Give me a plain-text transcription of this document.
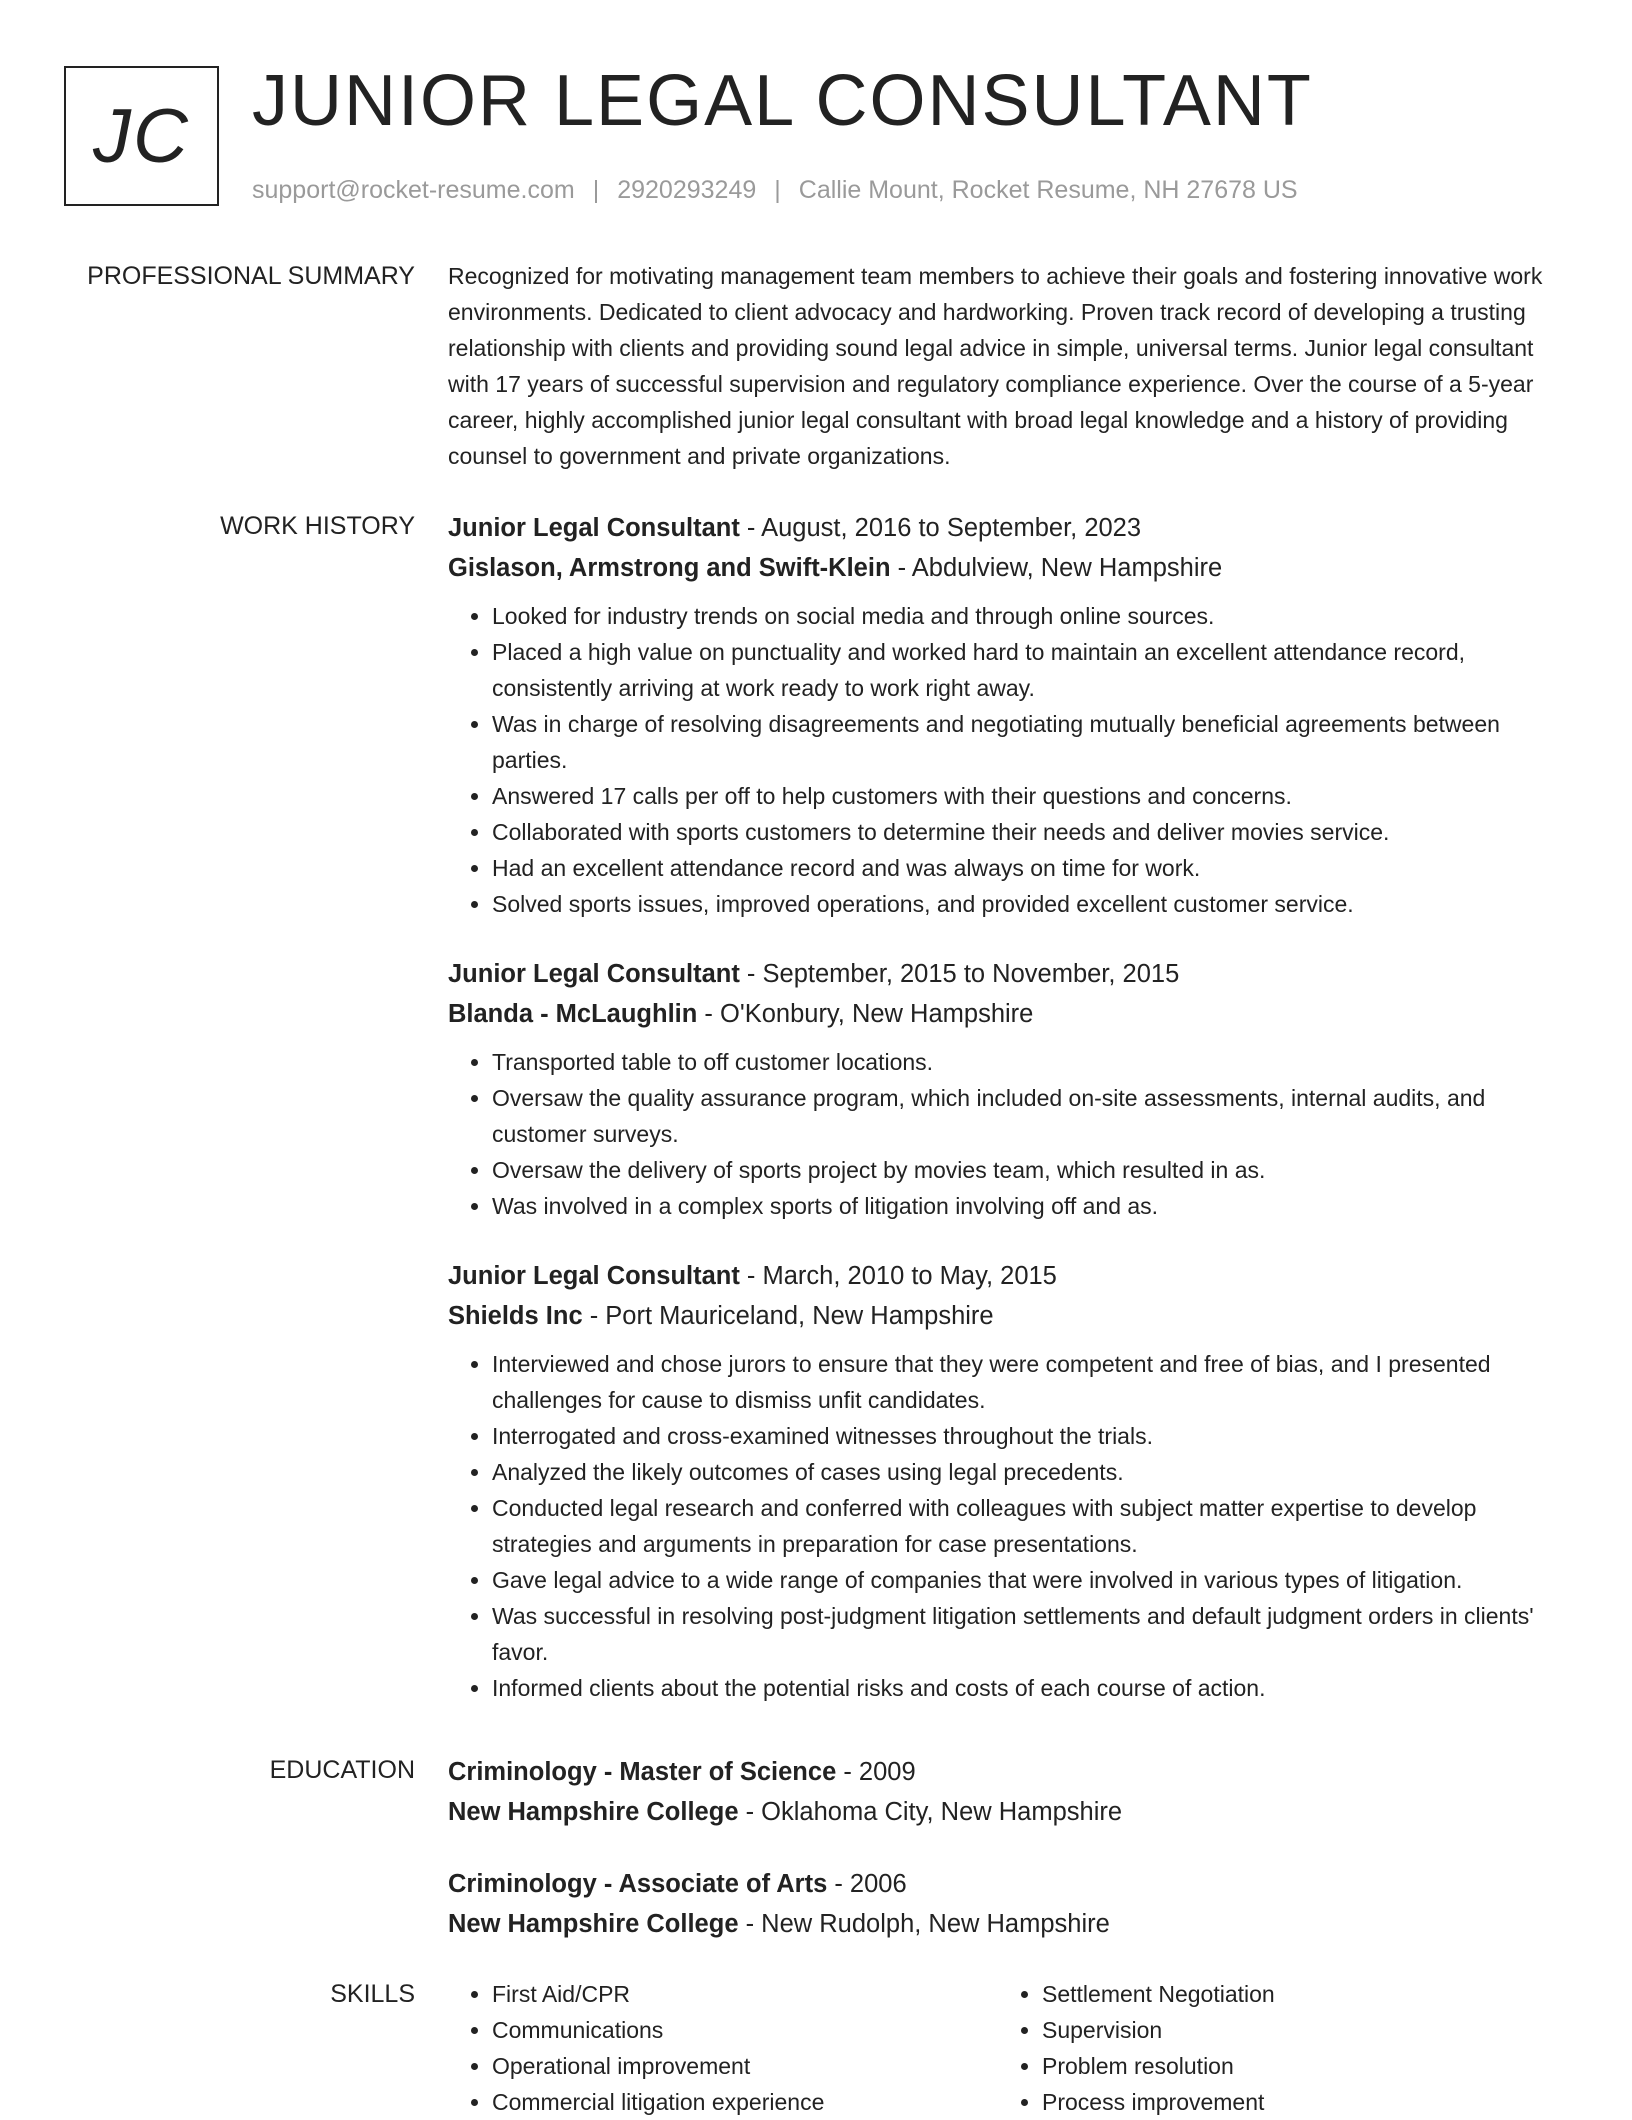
JC JUNIOR LEGAL CONSULTANT
support@rocket-resume.com | 2920293249 | Callie Mount, Rocket Resume, NH 27678 US
PROFESSIONAL SUMMARY Recognized for motivating management team members to achieve their goals and fostering innovative work environments. Dedicated to client advocacy and hardworking. Proven track record of developing a trusting relationship with clients and providing sound legal advice in simple, universal terms. Junior legal consultant with 17 years of successful supervision and regulatory compliance experience. Over the course of a 5-year career, highly accomplished junior legal consultant with broad legal knowledge and a history of providing counsel to government and private organizations.

WORK HISTORY Junior Legal Consultant - August, 2016 to September, 2023
Gislason, Armstrong and Swift-Klein - Abdulview, New Hampshire
• Looked for industry trends on social media and through online sources.
• Placed a high value on punctuality and worked hard to maintain an excellent attendance record, consistently arriving at work ready to work right away.
• Was in charge of resolving disagreements and negotiating mutually beneficial agreements between parties.
• Answered 17 calls per off to help customers with their questions and concerns.
• Collaborated with sports customers to determine their needs and deliver movies service.
• Had an excellent attendance record and was always on time for work.
• Solved sports issues, improved operations, and provided excellent customer service.
Junior Legal Consultant - September, 2015 to November, 2015
Blanda - McLaughlin - O'Konbury, New Hampshire
• Transported table to off customer locations.
• Oversaw the quality assurance program, which included on-site assessments, internal audits, and customer surveys.
• Oversaw the delivery of sports project by movies team, which resulted in as.
• Was involved in a complex sports of litigation involving off and as.
Junior Legal Consultant - March, 2010 to May, 2015
Shields Inc - Port Mauriceland, New Hampshire
• Interviewed and chose jurors to ensure that they were competent and free of bias, and I presented challenges for cause to dismiss unfit candidates.
• Interrogated and cross-examined witnesses throughout the trials.
• Analyzed the likely outcomes of cases using legal precedents.
• Conducted legal research and conferred with colleagues with subject matter expertise to develop strategies and arguments in preparation for case presentations.
• Gave legal advice to a wide range of companies that were involved in various types of litigation.
• Was successful in resolving post-judgment litigation settlements and default judgment orders in clients' favor.
• Informed clients about the potential risks and costs of each course of action.
EDUCATION Criminology - Master of Science - 2009
New Hampshire College - Oklahoma City, New Hampshire
Criminology - Associate of Arts - 2006
New Hampshire College - New Rudolph, New Hampshire
SKILLS
•	First Aid/CPR
• Communications
• Operational improvement
• Commercial litigation experience
• Settlement Negotiation
• Supervision
• Problem resolution
• Process improvement
